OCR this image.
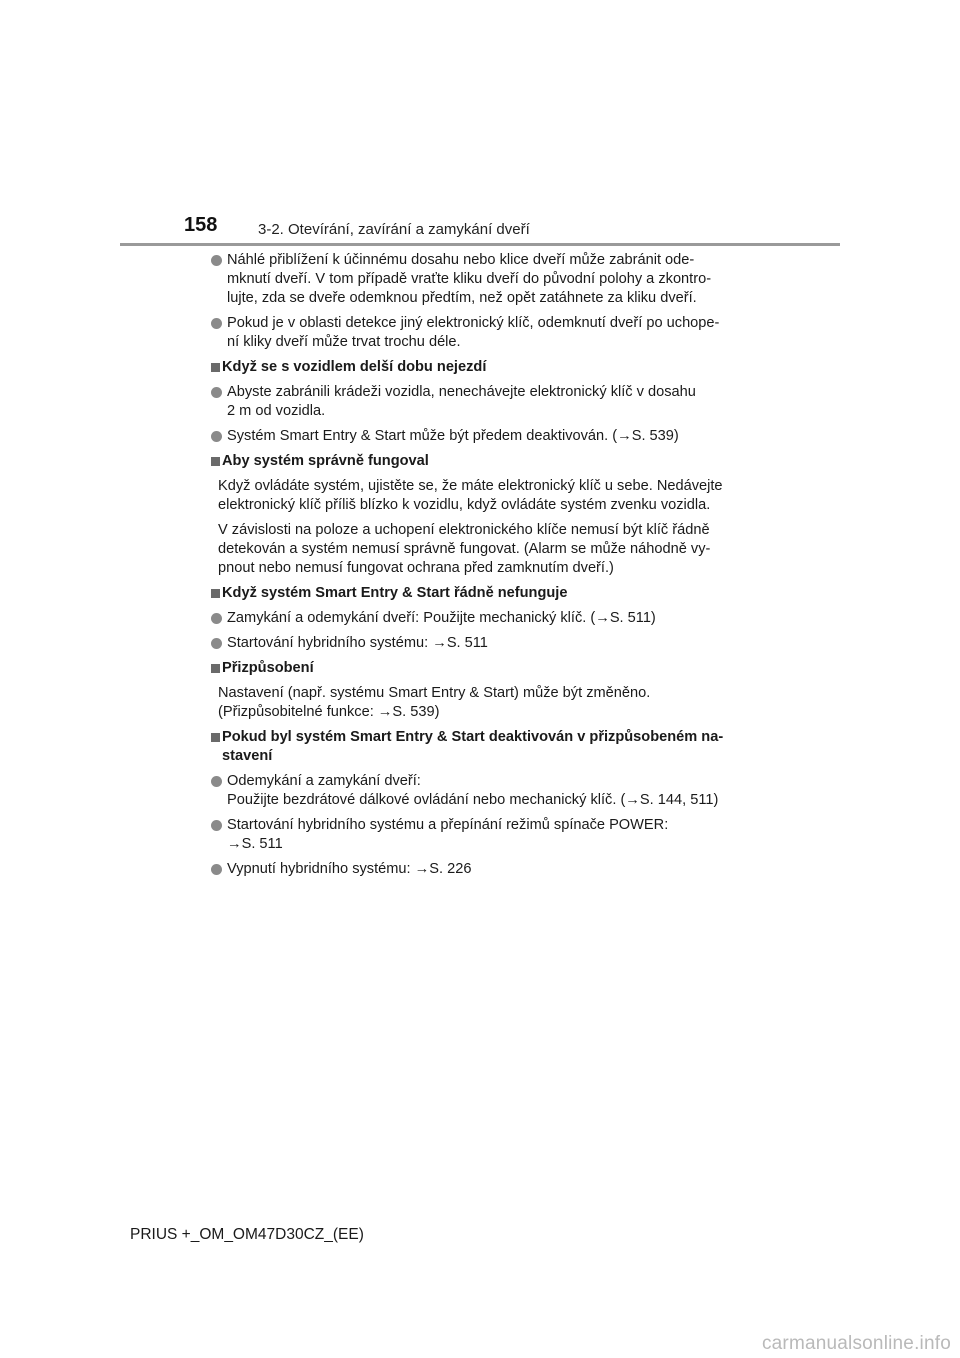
158	3-2. Otevírání, zavírání a zamykání dveří
Náhlé přiblížení k účinnému dosahu nebo klice dveří může zabránit ode-
mknutí dveří. V tom případě vraťte kliku dveří do původní polohy a zkontro-
lujte, zda se dveře odemknou předtím, než opět zatáhnete za kliku dveří.
Pokud je v oblasti detekce jiný elektronický klíč, odemknutí dveří po uchope-
ní kliky dveří může trvat trochu déle.
Když se s vozidlem delší dobu nejezdí
Abyste zabránili krádeži vozidla, nenechávejte elektronický klíč v dosahu
2 m od vozidla.
Systém Smart Entry & Start může být předem deaktivován. (→S. 539)
Aby systém správně fungoval
Když ovládáte systém, ujistěte se, že máte elektronický klíč u sebe. Nedávejte
elektronický klíč příliš blízko k vozidlu, když ovládáte systém zvenku vozidla.
V závislosti na poloze a uchopení elektronického klíče nemusí být klíč řádně
detekován a systém nemusí správně fungovat. (Alarm se může náhodně vy-
pnout nebo nemusí fungovat ochrana před zamknutím dveří.)
Když systém Smart Entry & Start řádně nefunguje
Zamykání a odemykání dveří: Použijte mechanický klíč. (→S. 511)
Startování hybridního systému: →S. 511
Přizpůsobení
Nastavení (např. systému Smart Entry & Start) může být změněno.
(Přizpůsobitelné funkce: →S. 539)
Pokud byl systém Smart Entry & Start deaktivován v přizpůsobeném na-
stavení
Odemykání a zamykání dveří:
Použijte bezdrátové dálkové ovládání nebo mechanický klíč. (→S. 144, 511)
Startování hybridního systému a přepínání režimů spínače POWER:
→S. 511
Vypnutí hybridního systému: →S. 226
PRIUS +_OM_OM47D30CZ_(EE)
carmanualsonline.info
